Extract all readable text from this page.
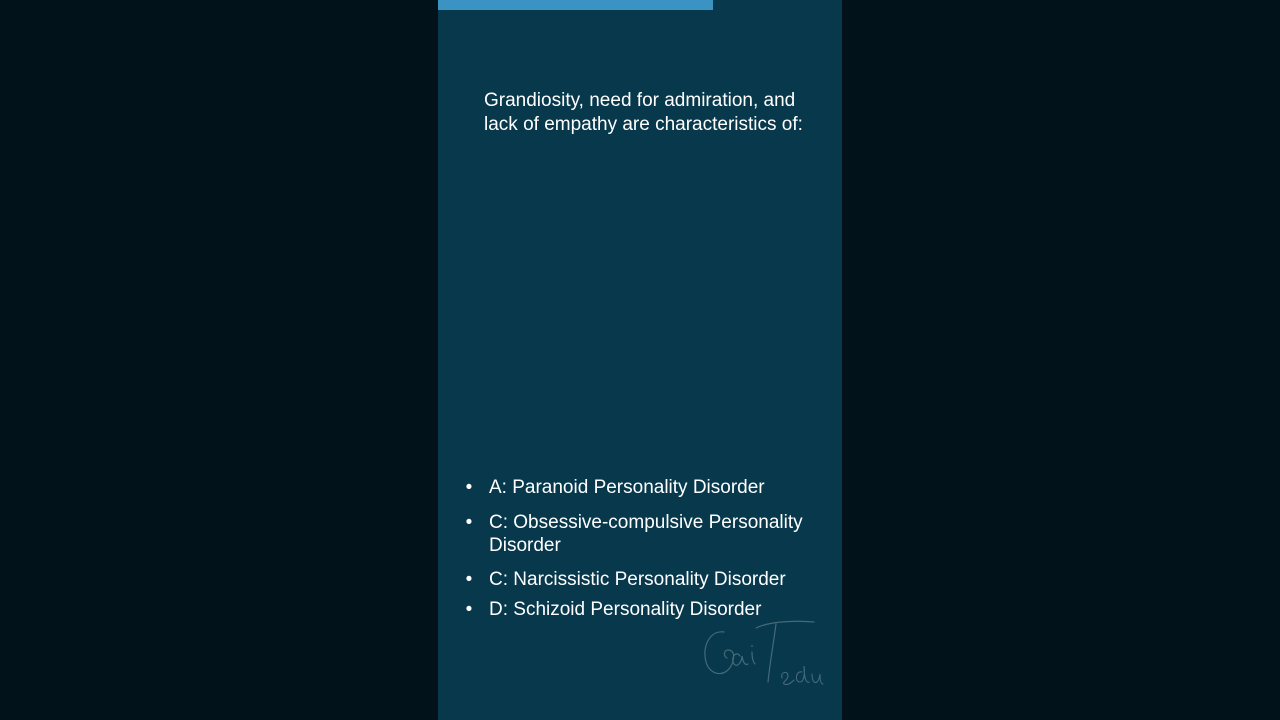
Grandiosity, need for admiration, and lack of empathy are characteristics of:

• A: Paranoid Personality Disorder
• C: Obsessive-compulsive Personality Disorder
• C: Narcissistic Personality Disorder
• D: Schizoid Personality Disorder
